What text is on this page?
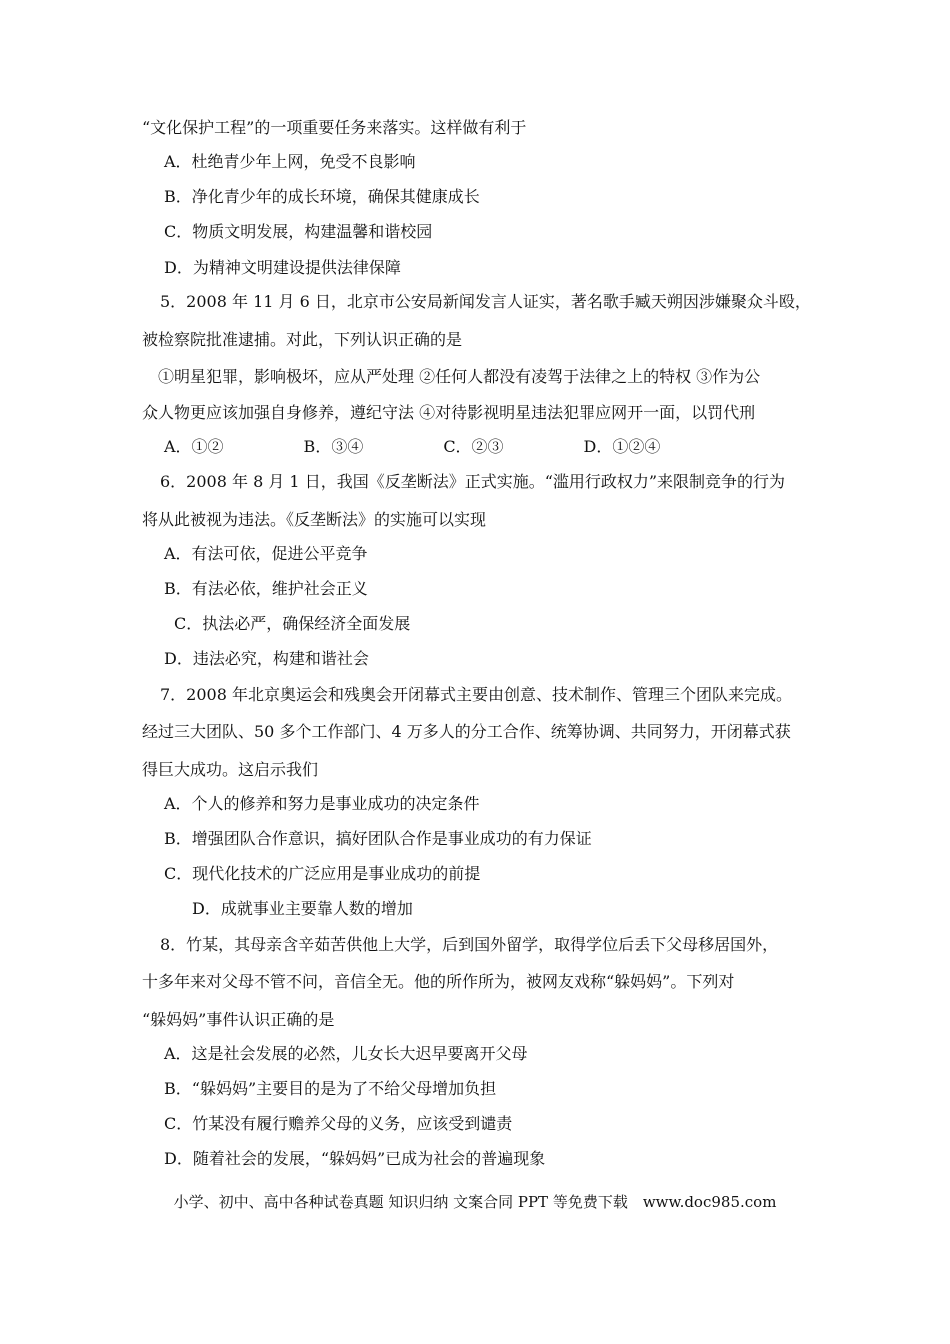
“文化保护工程”的一项重要任务来落实。这样做有利于
A．杜绝青少年上网，免受不良影响
B．净化青少年的成长环境，确保其健康成长
C．物质文明发展，构建温馨和谐校园
D．为精神文明建设提供法律保障
5．2008 年 11 月 6 日，北京市公安局新闻发言人证实，著名歌手臧天朔因涉嫌聚众斗殴，
被检察院批准逮捕。对此，下列认识正确的是
①明星犯罪，影响极坏，应从严处理 ②任何人都没有凌驾于法律之上的特权 ③作为公
众人物更应该加强自身修养，遵纪守法 ④对待影视明星违法犯罪应网开一面，以罚代刑
A．①②　　　　　B．③④　　　　　C．②③　　　　　D．①②④
6．2008 年 8 月 1 日，我国《反垄断法》正式实施。“滥用行政权力”来限制竞争的行为
将从此被视为违法。《反垄断法》的实施可以实现
A．有法可依，促进公平竞争
B．有法必依，维护社会正义
C．执法必严，确保经济全面发展
D．违法必究，构建和谐社会
7．2008 年北京奥运会和残奥会开闭幕式主要由创意、技术制作、管理三个团队来完成。
经过三大团队、50 多个工作部门、4 万多人的分工合作、统筹协调、共同努力，开闭幕式获
得巨大成功。这启示我们
A．个人的修养和努力是事业成功的决定条件
B．增强团队合作意识，搞好团队合作是事业成功的有力保证
C．现代化技术的广泛应用是事业成功的前提
D．成就事业主要靠人数的增加
8．竹某，其母亲含辛茹苦供他上大学，后到国外留学，取得学位后丢下父母移居国外，
十多年来对父母不管不问，音信全无。他的所作所为，被网友戏称“躲妈妈”。下列对
“躲妈妈”事件认识正确的是
A．这是社会发展的必然，儿女长大迟早要离开父母
B．“躲妈妈”主要目的是为了不给父母增加负担
C．竹某没有履行赡养父母的义务，应该受到谴责
D．随着社会的发展，“躲妈妈”已成为社会的普遍现象
小学、初中、高中各种试卷真题 知识归纳 文案合同 PPT 等免费下载　www.doc985.com
